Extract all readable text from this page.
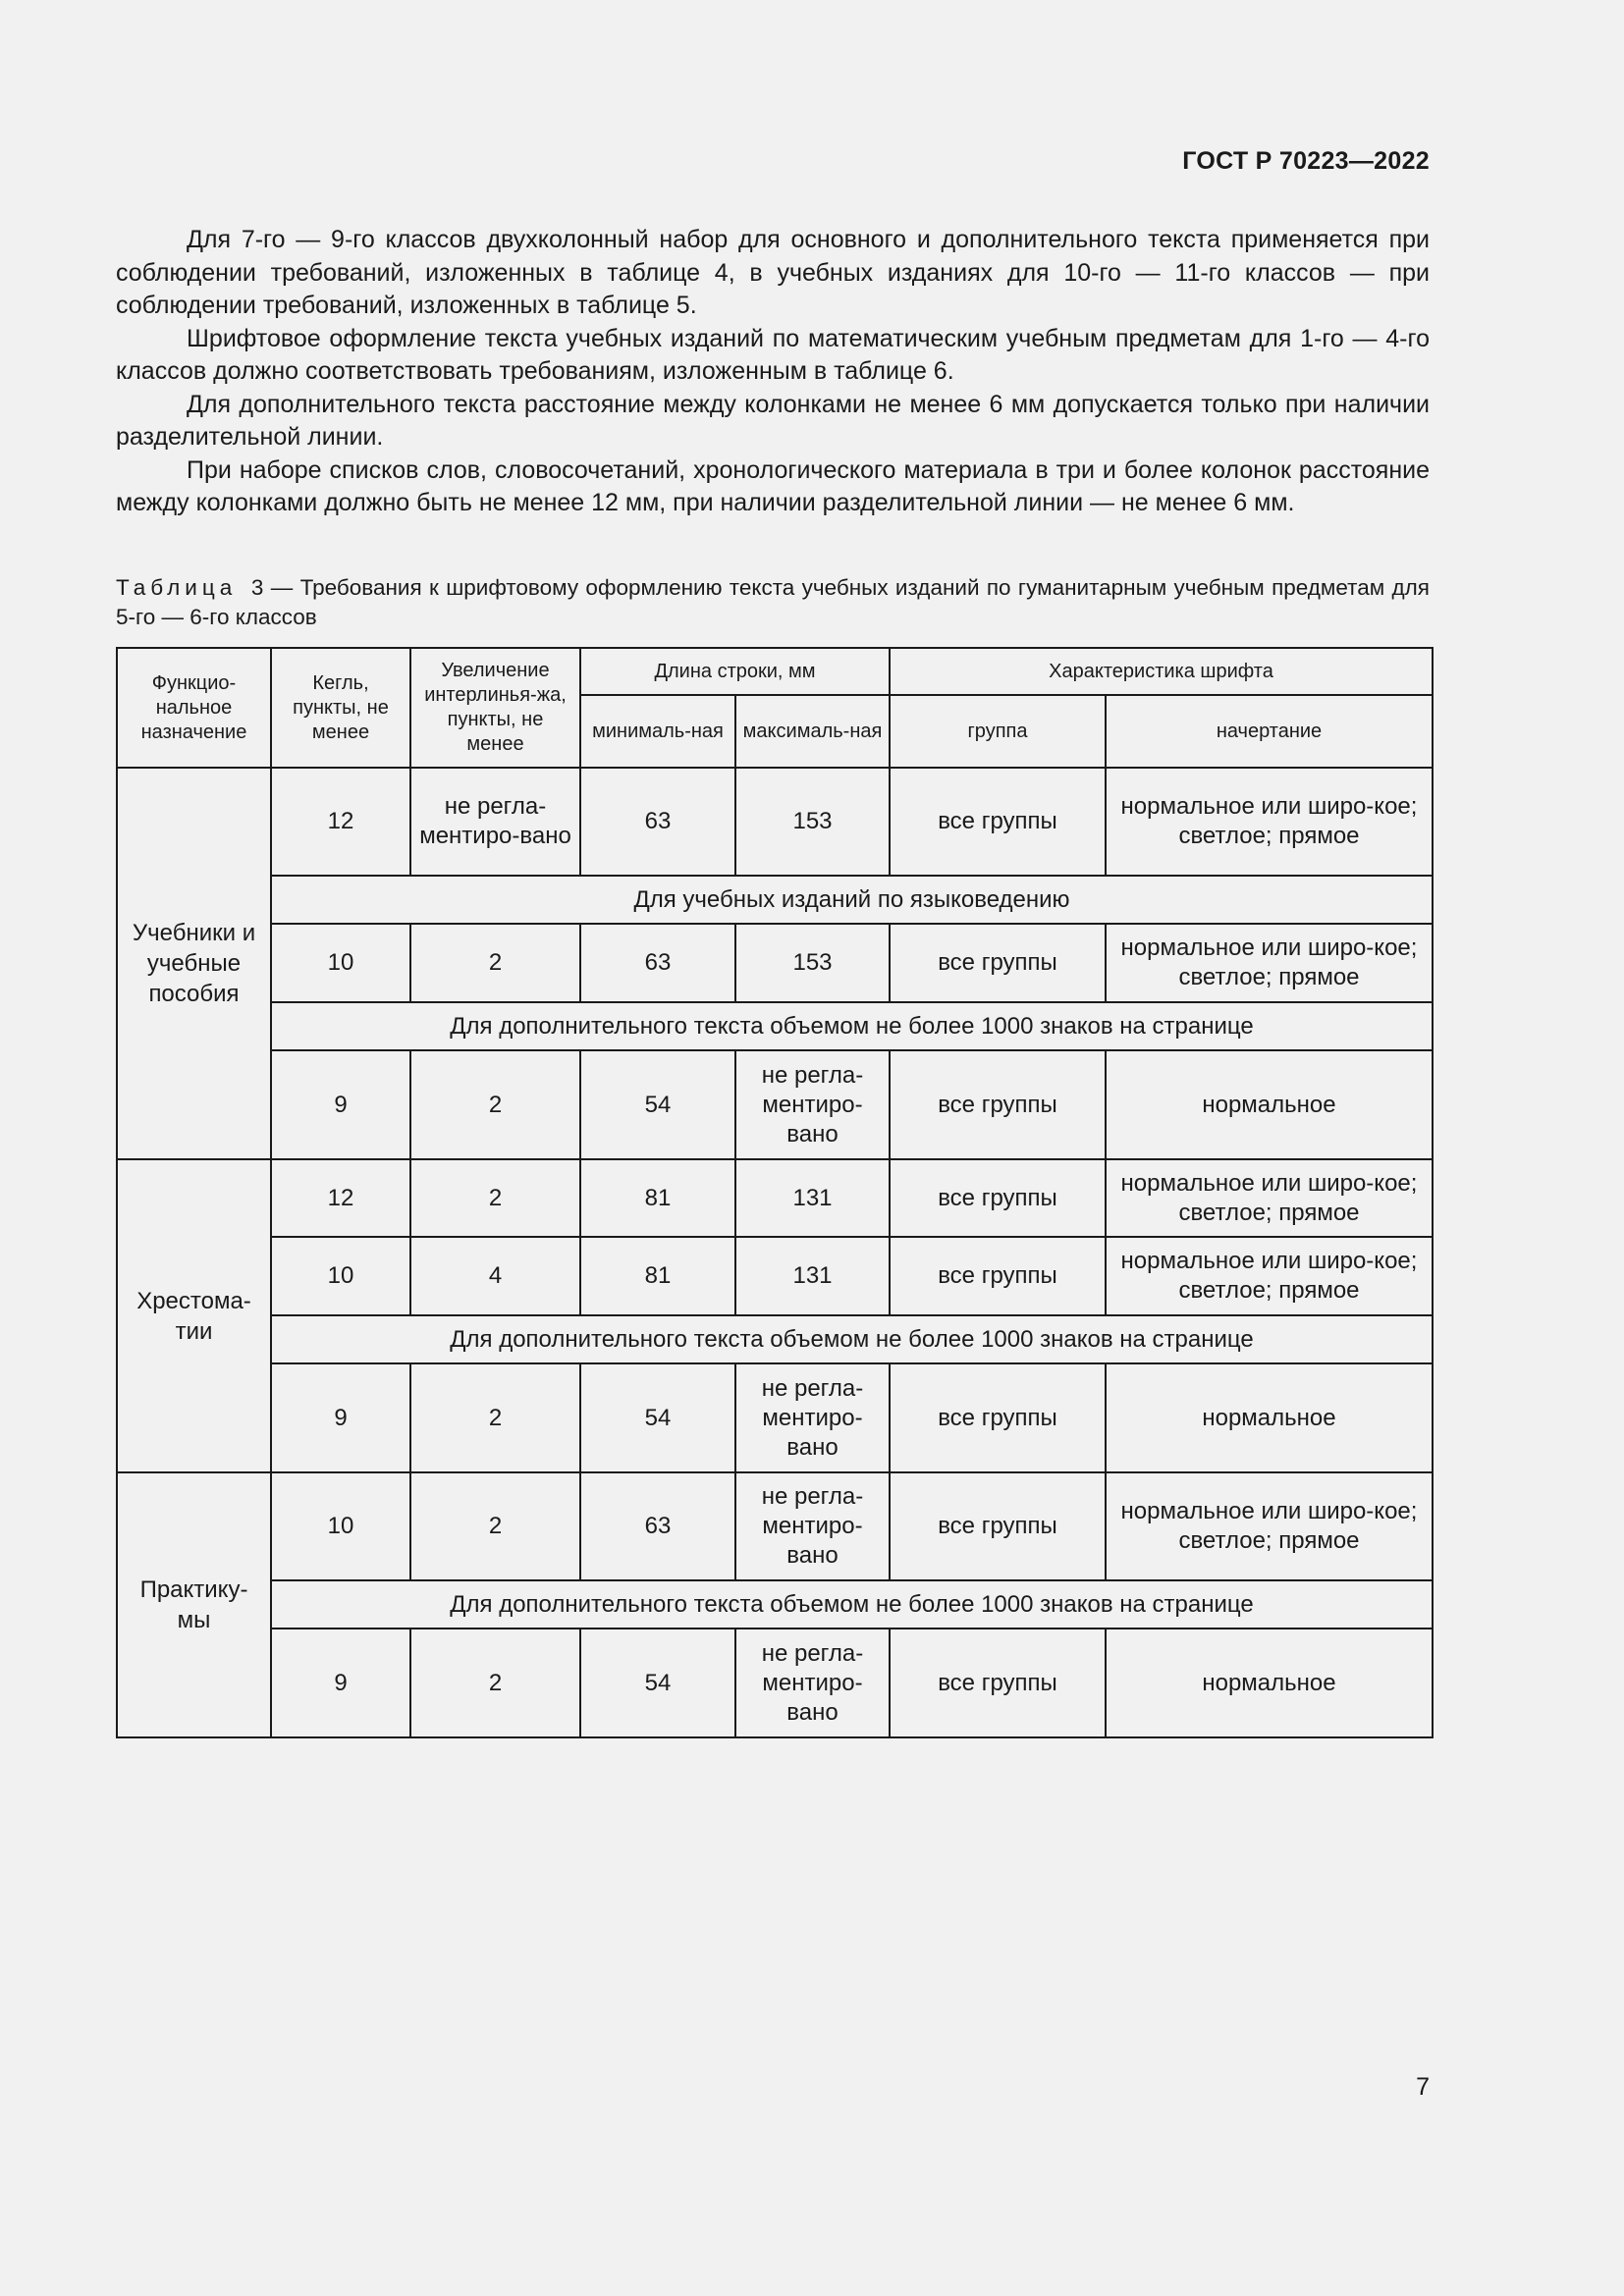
ГОСТ Р 70223—2022

Для 7-го — 9-го классов двухколонный набор для основного и дополнительного текста применяется при соблюдении требований, изложенных в таблице 4, в учебных изданиях для 10-го — 11-го классов — при соблюдении требований, изложенных в таблице 5.

Шрифтовое оформление текста учебных изданий по математическим учебным предметам для 1-го — 4-го классов должно соответствовать требованиям, изложенным в таблице 6.

Для дополнительного текста расстояние между колонками не менее 6 мм допускается только при наличии разделительной линии.

При наборе списков слов, словосочетаний, хронологического материала в три и более колонок расстояние между колонками должно быть не менее 12 мм, при наличии разделительной линии — не менее 6 мм.

Таблица 3 — Требования к шрифтовому оформлению текста учебных изданий по гуманитарным учебным предметам для 5-го — 6-го классов
Функцио-нальное назначение	Кегль, пункты, не менее	Увеличение интерлинья-жа, пункты, не менее	Длина строки, мм		Характеристика шрифта	
			минималь-ная	максималь-ная	группа	начертание
Учебники и учебные пособия	12	не регла-ментиро-вано	63	153	все группы	нормальное или широ-кое; светлое; прямое
	Для учебных изданий по языковедению					
	10	2	63	153	все группы	нормальное или широ-кое; светлое; прямое
	Для дополнительного текста объемом не более 1000 знаков на странице					
	9	2	54	не регла-ментиро-вано	все группы	нормальное
Хрестома-тии	12	2	81	131	все группы	нормальное или широ-кое; светлое; прямое
	10	4	81	131	все группы	нормальное или широ-кое; светлое; прямое
	Для дополнительного текста объемом не более 1000 знаков на странице					
	9	2	54	не регла-ментиро-вано	все группы	нормальное
Практику-мы	10	2	63	не регла-ментиро-вано	все группы	нормальное или широ-кое; светлое; прямое
	Для дополнительного текста объемом не более 1000 знаков на странице					
	9	2	54	не регла-ментиро-вано	все группы	нормальное
7
